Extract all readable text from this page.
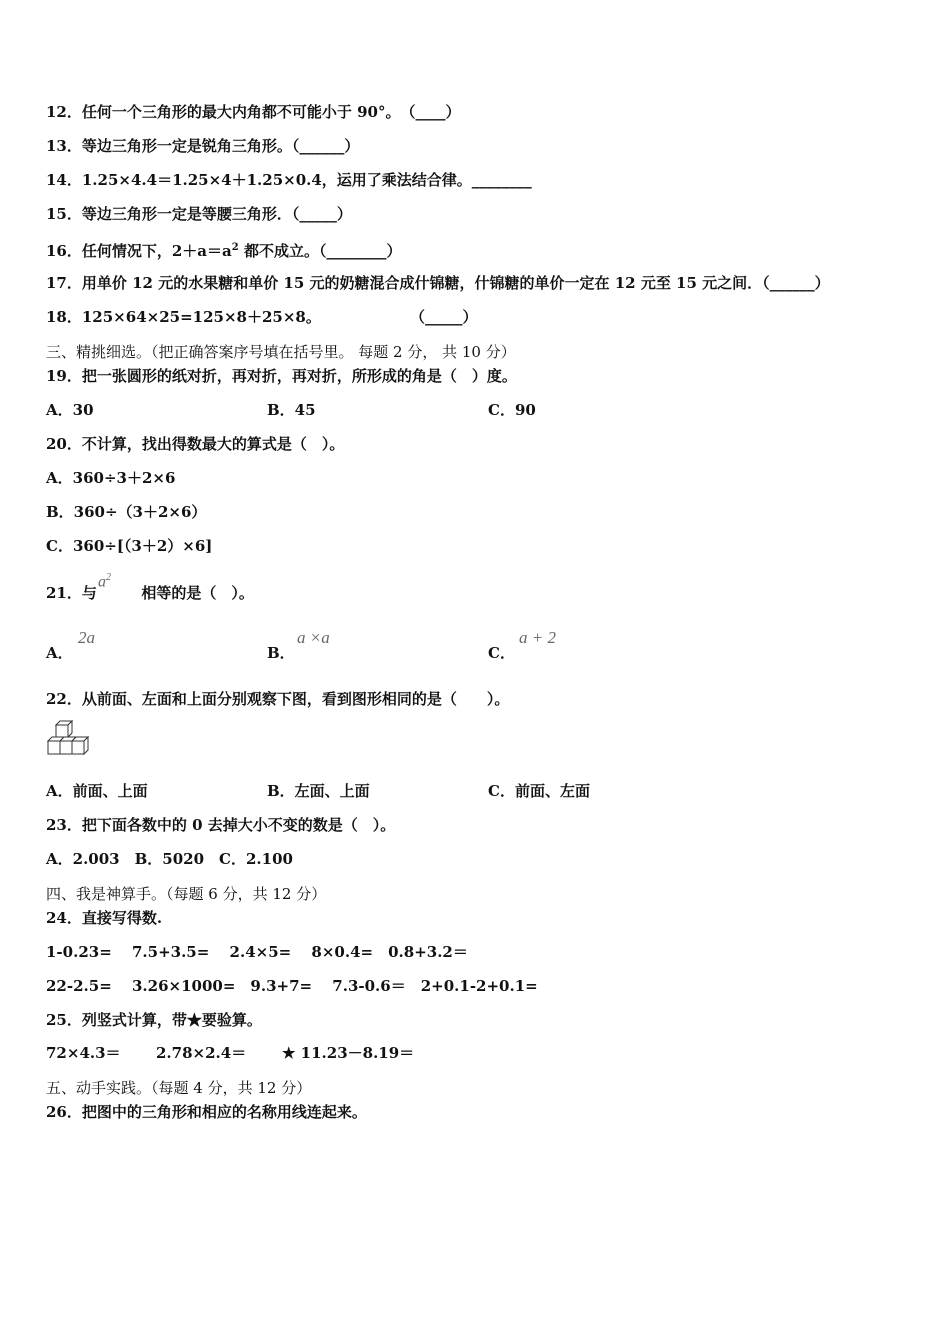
12．任何一个三角形的最大内角都不可能小于 90°。　（____）
13．等边三角形一定是锐角三角形。（______）
14．1.25×4.4＝1.25×4＋1.25×0.4，运用了乘法结合律。________
15．等边三角形一定是等腰三角形．（_____）
16．任何情况下，$2+a=a^2$ 都不成立。（________）
17．用单价 12 元的水果糖和单价 15 元的奶糖混合成什锦糖，什锦糖的单价一定在 12 元至 15 元之间．（______）
18．125×64×25=125×8＋25×8。	（_____）
三、精挑细选。（把正确答案序号填在括号里。 每题 2 分， 共 10 分）
19．把一张圆形的纸对折，再对折，再对折，所形成的角是（　）度。
A．30	B．45	C．90
20．不计算，找出得数最大的算式是（　）。
A．360÷3＋2×6
B．360÷（3＋2×6）
C．360÷[（3＋2）×6]
21．与	相等的是（　）。
$a^2$
A．
2a
B．
a ×a
C．
a + 2
22．从前面、左面和上面分别观察下图，看到图形相同的是（　　）。
A．前面、上面	B．左面、上面	C．前面、左面
23．把下面各数中的 0 去掉大小不变的数是（　）。
A．2.003　B．5020　C．2.100
四、我是神算手。（每题 6 分，共 12 分）
24．直接写得数.
1-0.23=　 7.5+3.5=　 2.4×5=　 8×0.4=　0.8+3.2＝
22-2.5=　 3.26×1000=　9.3+7=　 7.3-0.6＝　2+0.1-2+0.1=
25．列竖式计算，带★要验算。
72×4.3＝ 2.78×2.4＝ ★ 11.23－8.19＝
五、动手实践。（每题 4 分，共 12 分）
26．把图中的三角形和相应的名称用线连起来。
